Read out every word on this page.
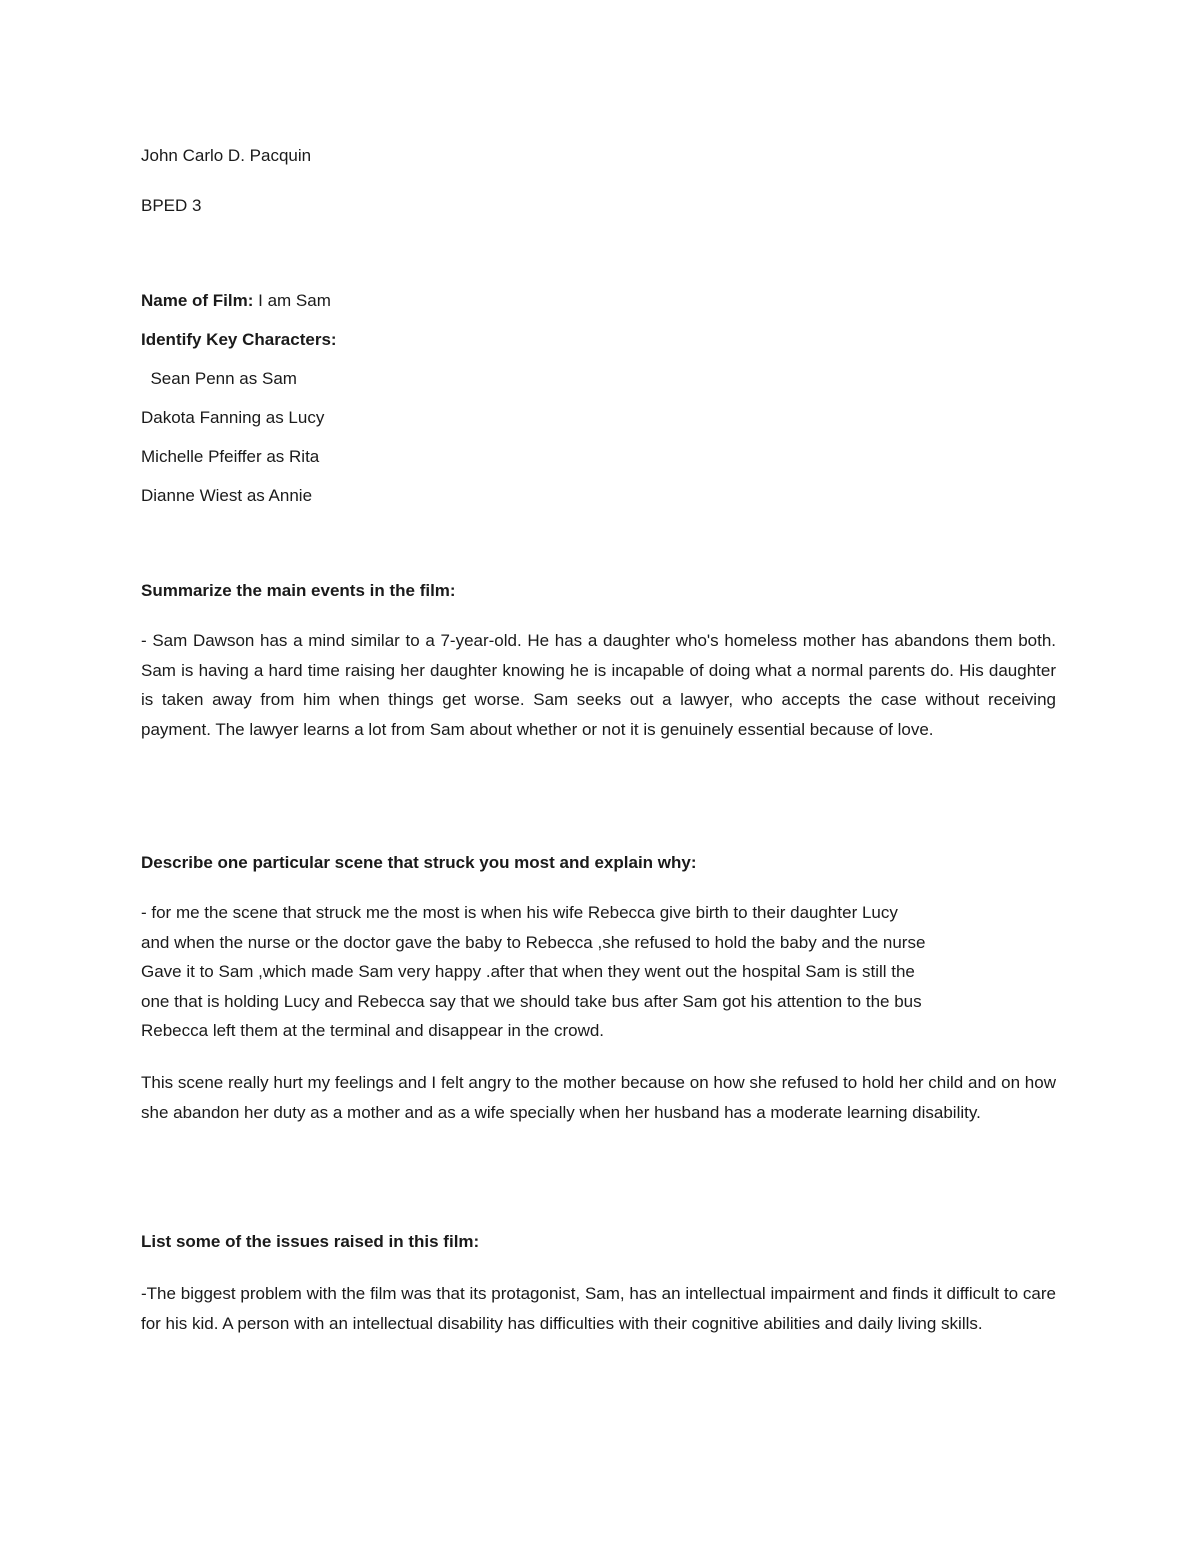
John Carlo D. Pacquin
BPED 3
Name of Film: I am Sam
Identify Key Characters:
Sean Penn as Sam
Dakota Fanning as Lucy
Michelle Pfeiffer as Rita
Dianne Wiest as Annie
Summarize the main events in the film:
- Sam Dawson has a mind similar to a 7-year-old. He has a daughter who's homeless mother has abandons them both. Sam is having a hard time raising her daughter knowing he is incapable of doing what a normal parents do. His daughter is taken away from him when things get worse. Sam seeks out a lawyer, who accepts the case without receiving payment. The lawyer learns a lot from Sam about whether or not it is genuinely essential because of love.
Describe one particular scene that struck you most and explain why:
- for me the scene that struck me the most is when his wife Rebecca give birth to their daughter Lucy
and when the nurse or the doctor gave the baby to Rebecca ,she refused to hold the baby and the nurse
Gave it to Sam ,which made Sam very happy .after that when they went out the hospital Sam is still the
one that is holding Lucy and Rebecca say that we should take bus after Sam got his attention to the bus
Rebecca left them at the terminal and disappear in the crowd.
This scene really hurt my feelings and I felt angry to the mother because on how she refused to hold her child and on how she abandon her duty as a mother and as a wife specially when her husband has a moderate learning disability.
List some of the issues raised in this film:
-The biggest problem with the film was that its protagonist, Sam, has an intellectual impairment and finds it difficult to care for his kid. A person with an intellectual disability has difficulties with their cognitive abilities and daily living skills.
